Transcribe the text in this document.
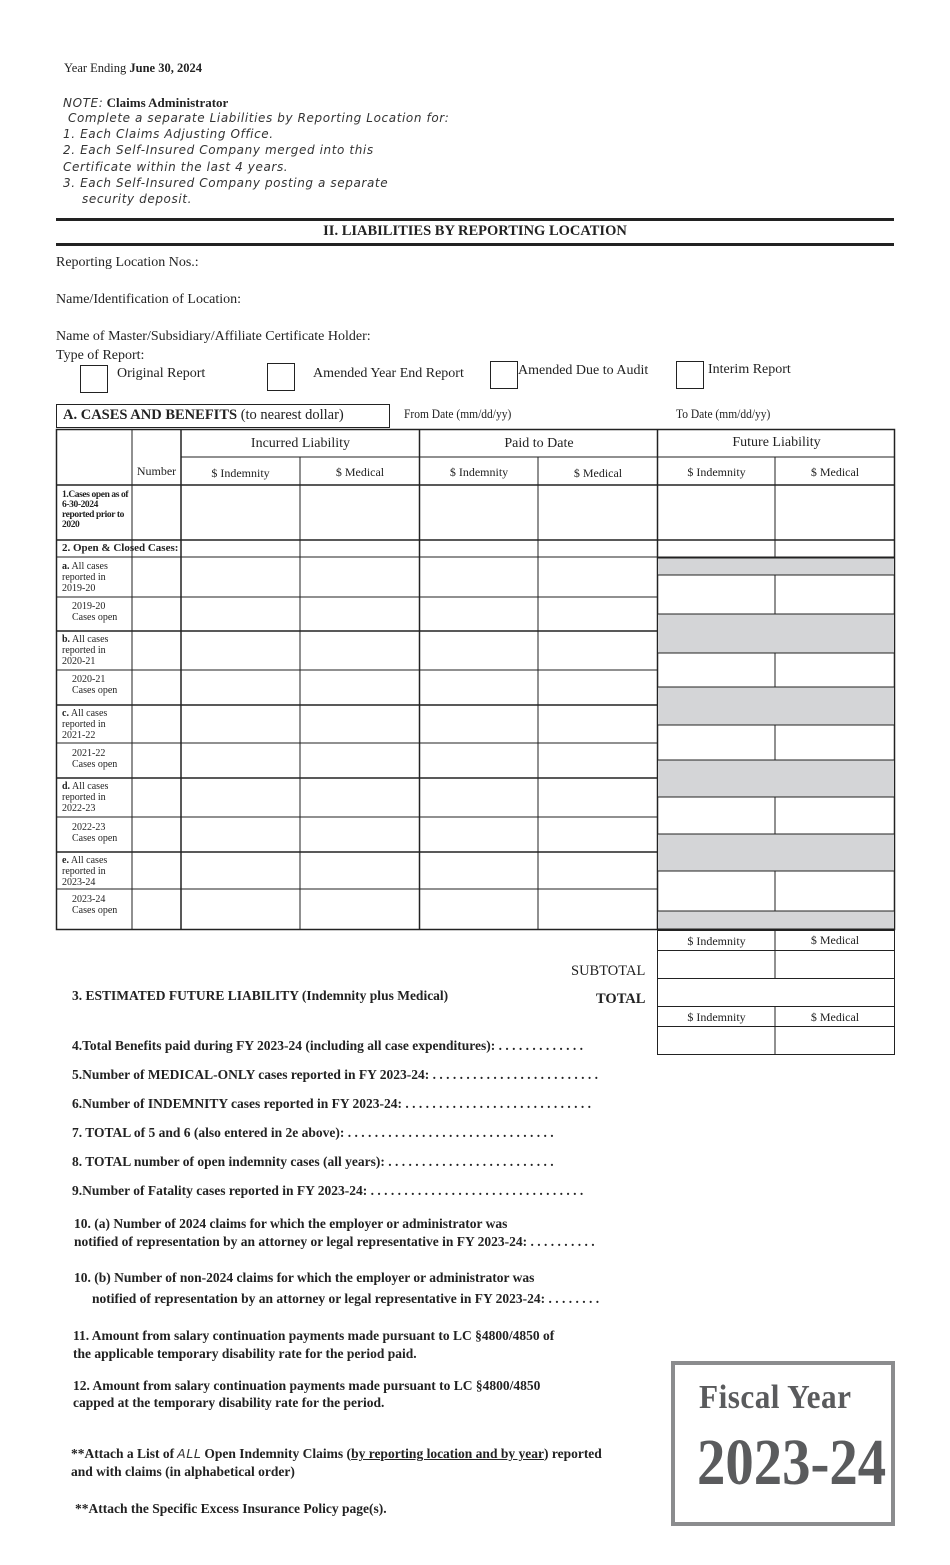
Year Ending June 30, 2024
NOTE: Claims Administrator
Complete a separate Liabilities by Reporting Location for:
1. Each Claims Adjusting Office.
2. Each Self-Insured Company merged into this
Certificate within the last 4 years.
3. Each Self-Insured Company posting a separate
security deposit.
II. LIABILITIES BY REPORTING LOCATION
Reporting Location Nos.:
Name/Identification of Location:
Name of Master/Subsidiary/Affiliate Certificate Holder:
Type of Report:
Original Report	Amended Year End Report	Amended Due to Audit	Interim Report
A. CASES AND BENEFITS (to nearest dollar)	From Date (mm/dd/yy)	To Date (mm/dd/yy)
Incurred Liability	Paid to Date	Future Liability
Number	$ Indemnity	$ Medical	$ Indemnity	$ Medical	$ Indemnity	$ Medical
1.Cases open as of 6-30-2024 reported prior to 2020
2. Open & Closed Cases:
a. All cases reported in 2019-20
2019-20 Cases open
b. All cases reported in 2020-21
2020-21 Cases open
c. All cases reported in 2021-22
2021-22 Cases open
d. All cases reported in 2022-23
2022-23 Cases open
e. All cases reported in 2023-24
2023-24 Cases open
$ Indemnity	$ Medical
SUBTOTAL
TOTAL
$ Indemnity	$ Medical
3. ESTIMATED FUTURE LIABILITY (Indemnity plus Medical)
4.Total Benefits paid during FY 2023-24 (including all case expenditures): . . . . . . . . . . . . .
5.Number of MEDICAL-ONLY cases reported in FY 2023-24: . . . . . . . . . . . . . . . . . . . . . . . . .
6.Number of INDEMNITY cases reported in FY 2023-24: . . . . . . . . . . . . . . . . . . . . . . . . . . . .
7. TOTAL of 5 and 6 (also entered in 2e above): . . . . . . . . . . . . . . . . . . . . . . . . . . . . . . .
8. TOTAL number of open indemnity cases (all years): . . . . . . . . . . . . . . . . . . . . . . . . .
9.Number of Fatality cases reported in FY 2023-24: . . . . . . . . . . . . . . . . . . . . . . . . . . . . . . . .
10. (a) Number of 2024 claims for which the employer or administrator was
notified of representation by an attorney or legal representative in FY 2023-24: . . . . . . . . . .
10. (b) Number of non-2024 claims for which the employer or administrator was
notified of representation by an attorney or legal representative in FY 2023-24: . . . . . . . .
11. Amount from salary continuation payments made pursuant to LC §4800/4850 of
the applicable temporary disability rate for the period paid.
12. Amount from salary continuation payments made pursuant to LC §4800/4850
capped at the temporary disability rate for the period.
**Attach a List of ALL Open Indemnity Claims (by reporting location and by year) reported
and with claims (in alphabetical order)
**Attach the Specific Excess Insurance Policy page(s).
Fiscal Year
2023-24
